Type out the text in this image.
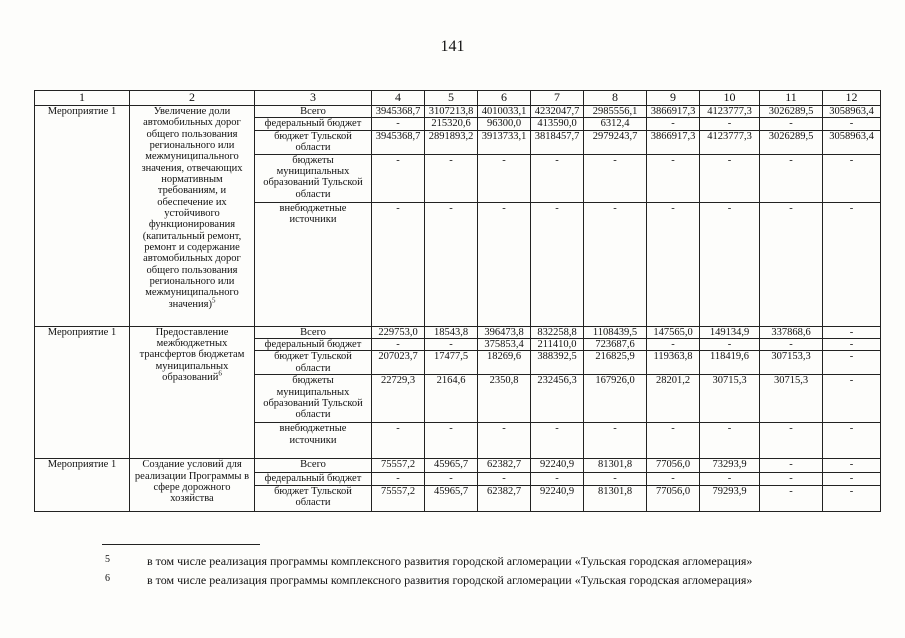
141
1	2	3	4	5	6	7	8	9	10	11	12
Мероприятие 1	Увеличение доли автомобильных дорог общего пользования регионального или межмуниципального значения, отвечающих нормативным требованиям, и обеспечение их устойчивого функционирования (капитальный ремонт, ремонт и содержание автомобильных дорог общего пользования регионального или межмуниципального значения)$^5$	Всего	3945368,7	3107213,8	4010033,1	4232047,7	2985556,1	3866917,3	4123777,3	3026289,5	3058963,4
		федеральный бюджет	-	215320,6	96300,0	413590,0	6312,4	-	-	-	-
		бюджет Тульской области	3945368,7	2891893,2	3913733,1	3818457,7	2979243,7	3866917,3	4123777,3	3026289,5	3058963,4
		бюджеты муниципальных образований Тульской области	-	-	-	-	-	-	-	-	-
		внебюджетные источники	-	-	-	-	-	-	-	-	-
Мероприятие 1	Предоставление межбюджетных трансфертов бюджетам муниципальных образований$^6$	Всего	229753,0	18543,8	396473,8	832258,8	1108439,5	147565,0	149134,9	337868,6	-
		федеральный бюджет	-	-	375853,4	211410,0	723687,6	-	-	-	-
		бюджет Тульской области	207023,7	17477,5	18269,6	388392,5	216825,9	119363,8	118419,6	307153,3	-
		бюджеты муниципальных образований Тульской области	22729,3	2164,6	2350,8	232456,3	167926,0	28201,2	30715,3	30715,3	-
		внебюджетные источники	-	-	-	-	-	-	-	-	-
Мероприятие 1	Создание условий для реализации Программы в сфере дорожного хозяйства	Всего	75557,2	45965,7	62382,7	92240,9	81301,8	77056,0	73293,9	-	-
		федеральный бюджет	-	-	-	-	-	-	-	-	-
		бюджет Тульской области	75557,2	45965,7	62382,7	92240,9	81301,8	77056,0	79293,9	-	-
5	в том числе реализация программы комплексного развития городской агломерации «Тульская городская агломерация»
6	в том числе реализация программы комплексного развития городской агломерации «Тульская городская агломерация»
